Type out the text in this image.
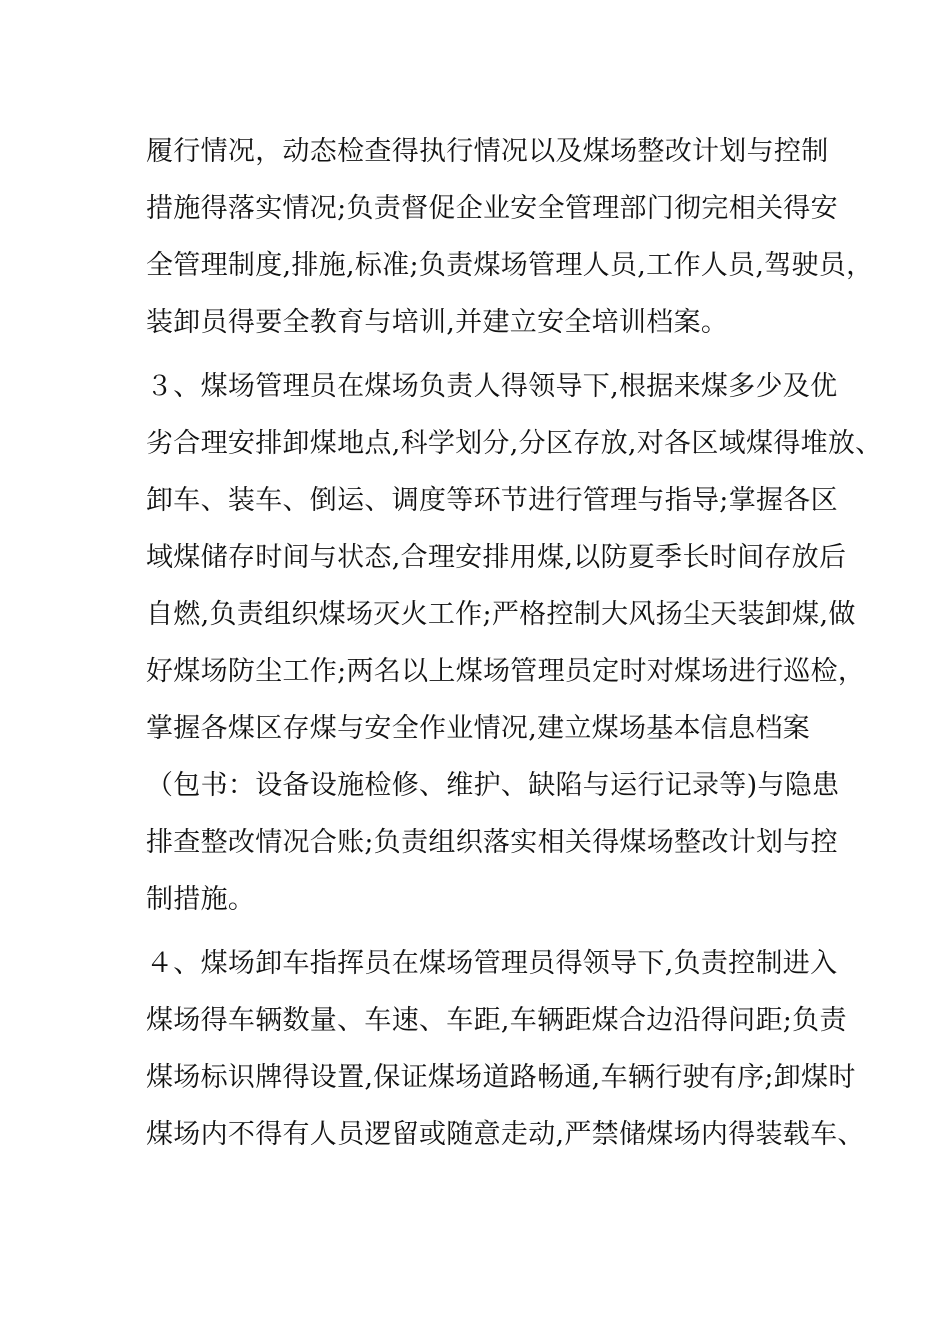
履行情况，动态检查得执行情况以及煤场整改计划与控制
措施得落实情况;负责督促企业安全管理部门彻完相关得安
全管理制度,排施,标准;负责煤场管理人员,工作人员,驾驶员，
装卸员得要全教育与培训,并建立安全培训档案。
３、煤场管理员在煤场负责人得领导下,根据来煤多少及优
劣合理安排卸煤地点,科学划分,分区存放,对各区域煤得堆放、
卸车、装车、倒运、调度等环节进行管理与指导;掌握各区
域煤储存时间与状态,合理安排用煤,以防夏季长时间存放后
自燃,负责组织煤场灭火工作;严格控制大风扬尘天装卸煤,做
好煤场防尘工作;两名以上煤场管理员定时对煤场进行巡检，
掌握各煤区存煤与安全作业情况,建立煤场基本信息档案
（包书：设备设施检修、维护、缺陷与运行记录等)与隐患
排查整改情况合账;负责组织落实相关得煤场整改计划与控
制措施。
４、煤场卸车指挥员在煤场管理员得领导下,负责控制进入
煤场得车辆数量、车速、车距,车辆距煤合边沿得问距;负责
煤场标识牌得设置,保证煤场道路畅通,车辆行驶有序;卸煤时
煤场内不得有人员逻留或随意走动,严禁储煤场内得装载车、
